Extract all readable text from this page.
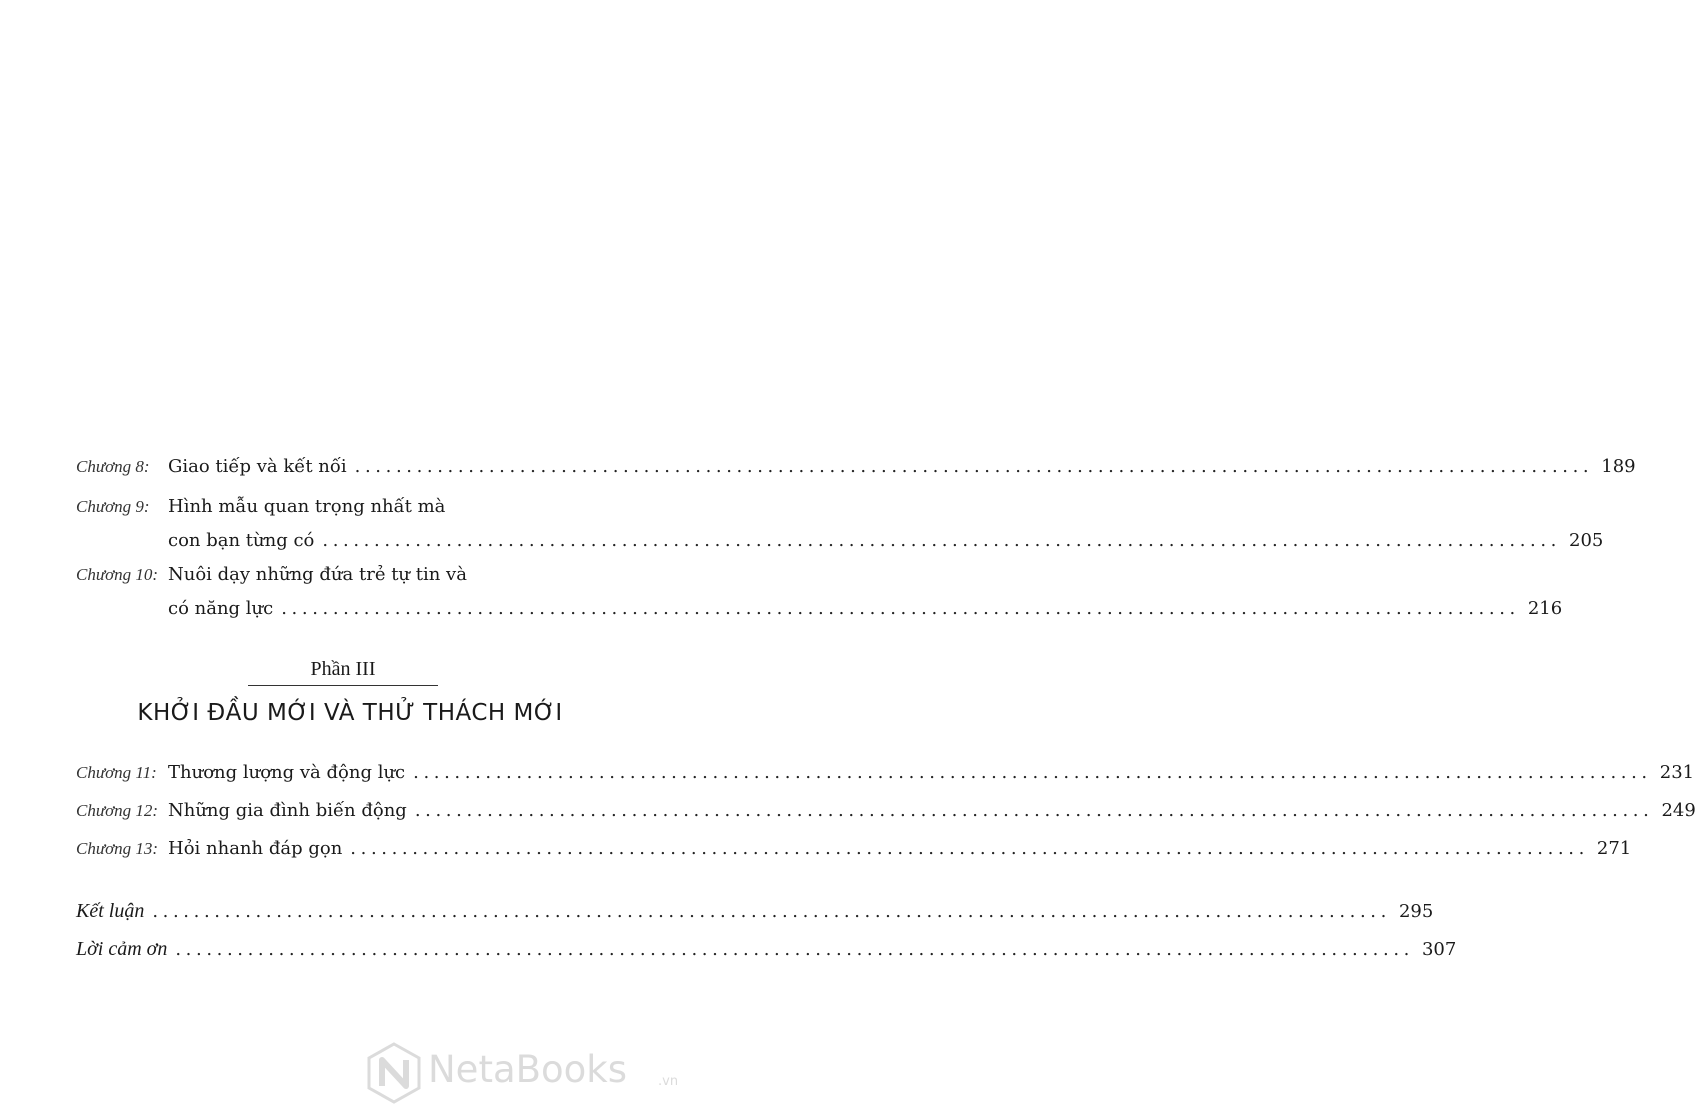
Chương 8:	Giao tiếp và kết nối ........................................................................................................................ 189
Chương 9:	Hình mẫu quan trọng nhất mà
con bạn từng có ........................................................................................................................ 205
Chương 10: Nuôi dạy những đứa trẻ tự tin và
có năng lực ........................................................................................................................ 216
Phần III
KHỞI ĐẦU MỚI VÀ THỬ THÁCH MỚI
Chương 11: Thương lượng và động lực ........................................................................................................................ 231
Chương 12: Những gia đình biến động ........................................................................................................................ 249
Chương 13: Hỏi nhanh đáp gọn ........................................................................................................................ 271
Kết luận ........................................................................................................................ 295
Lời cảm ơn ........................................................................................................................ 307
NetaBooks .vn
